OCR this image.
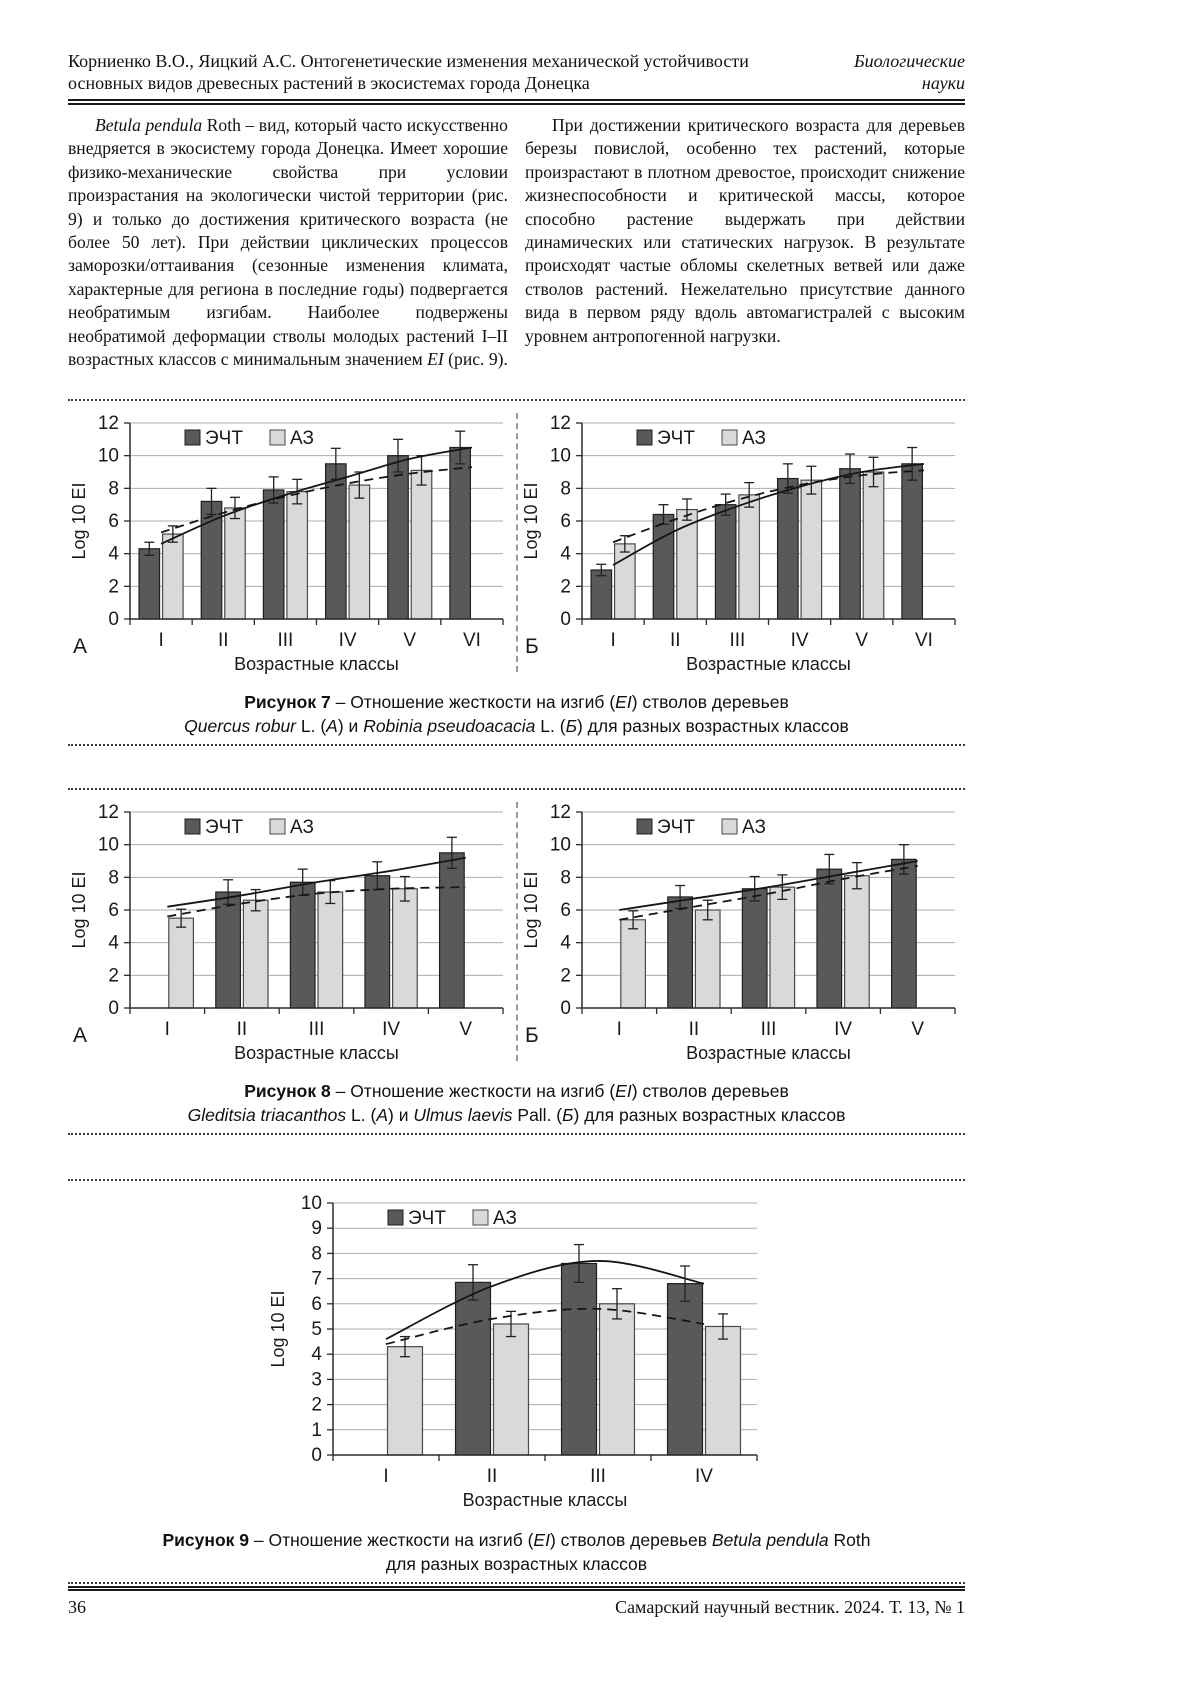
Корниенко В.О., Яицкий А.С. Онтогенетические изменения механической устойчивости
основных видов древесных растений в экосистемах города Донецка
Биологические
науки

Betula pendula Roth – вид, который часто искусственно внедряется в экосистему города Донецка. Имеет хорошие физико-механические свойства при условии произрастания на экологически чистой территории (рис. 9) и только до достижения критического возраста (не более 50 лет). При действии циклических процессов заморозки/оттаивания (сезонные изменения климата, характерные для региона в последние годы) подвергается необратимым изгибам. Наиболее подвержены необратимой деформации стволы молодых растений I–II возрастных классов с минимальным значением EI (рис. 9).

При достижении критического возраста для деревьев березы повислой, особенно тех растений, которые произрастают в плотном древостое, происходит снижение жизнеспособности и критической массы, которое способно растение выдержать при действии динамических или статических нагрузок. В результате происходят частые обломы скелетных ветвей или даже стволов растений. Нежелательно присутствие данного вида в первом ряду вдоль автомагистралей с высоким уровнем антропогенной нагрузки.

0
2
4
6
8
10
12
I	II	III IV V VI
Возрастные классы
Log 10 EI
ЭЧТ АЗ
А
0
2
4
6
8
10
12
I	II	III IV V VI
Возрастные классы
Log 10 EI
ЭЧТ АЗ
Б
Рисунок 7 – Отношение жесткости на изгиб (EI) стволов деревьев
Quercus robur L. (А) и Robinia pseudoacacia L. (Б) для разных возрастных классов
0
2
4
6
8
10
12
I	II	III	IV	V
Возрастные классы
Log 10 EI
ЭЧТ АЗ
А
0
2
4
6
8
10
12
I	II	III	IV	V
Возрастные классы
Log 10 EI
ЭЧТ АЗ
Б
Рисунок 8 – Отношение жесткости на изгиб (EI) стволов деревьев
Gleditsia triacanthos L. (А) и Ulmus laevis Pall. (Б) для разных возрастных классов
0
1
2
3
4
5
6
7
8
9
10
I	II	III	IV
Возрастные классы
Log 10 EI
ЭЧТ АЗ
Рисунок 9 – Отношение жесткости на изгиб (EI) стволов деревьев Betula pendula Roth
для разных возрастных классов
36	Самарский научный вестник. 2024. Т. 13, № 1
